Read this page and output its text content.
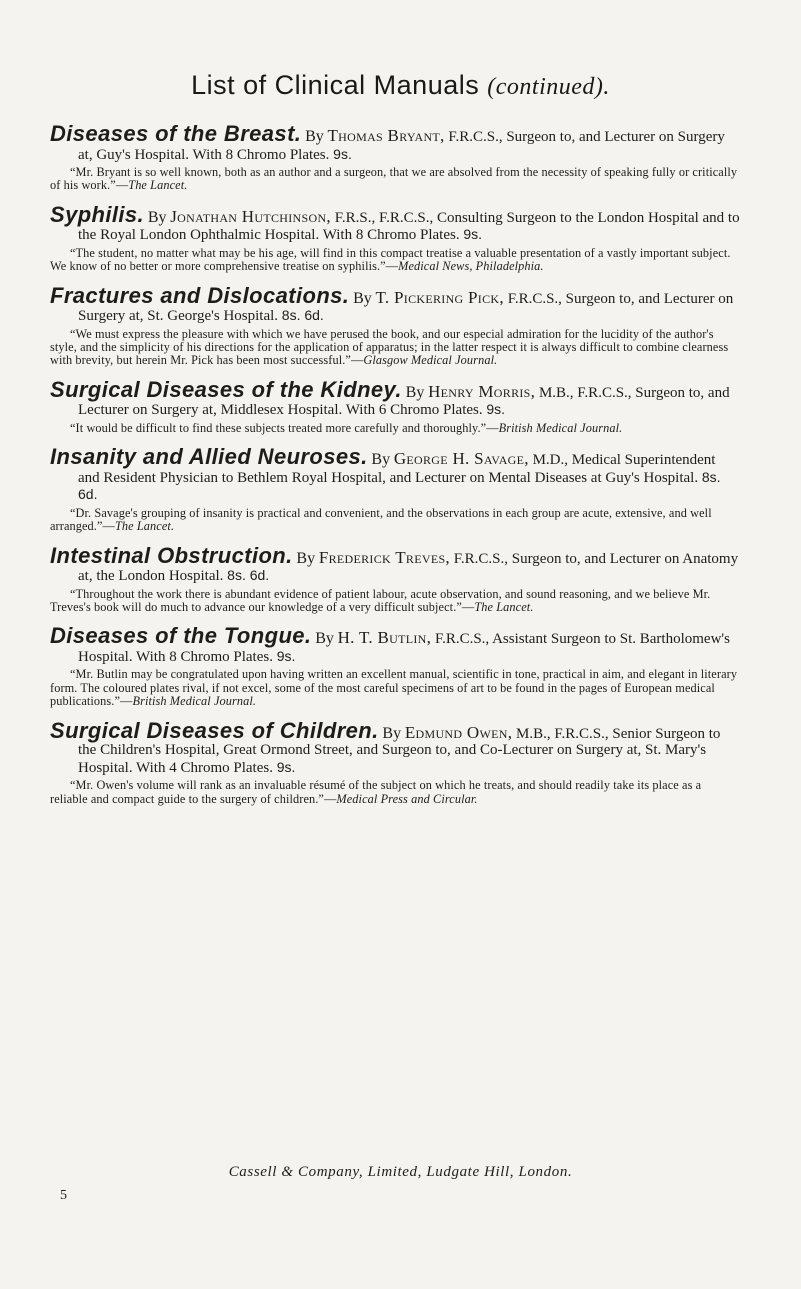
List of Clinical Manuals (continued).

Diseases of the Breast. By Thomas Bryant, F.R.C.S., Surgeon to, and Lecturer on Surgery at, Guy's Hospital. With 8 Chromo Plates. 9s.

“Mr. Bryant is so well known, both as an author and a surgeon, that we are absolved from the necessity of speaking fully or critically of his work.”—The Lancet.

Syphilis. By Jonathan Hutchinson, F.R.S., F.R.C.S., Consulting Surgeon to the London Hospital and to the Royal London Ophthalmic Hospital. With 8 Chromo Plates. 9s.

“The student, no matter what may be his age, will find in this compact treatise a valuable presentation of a vastly important subject. We know of no better or more comprehensive treatise on syphilis.”—Medical News, Philadelphia.

Fractures and Dislocations. By T. Pickering Pick, F.R.C.S., Surgeon to, and Lecturer on Surgery at, St. George's Hospital. 8s. 6d.

“We must express the pleasure with which we have perused the book, and our especial admiration for the lucidity of the author's style, and the simplicity of his directions for the application of apparatus; in the latter respect it is always difficult to combine clearness with brevity, but herein Mr. Pick has been most successful.”—Glasgow Medical Journal.

Surgical Diseases of the Kidney. By Henry Morris, M.B., F.R.C.S., Surgeon to, and Lecturer on Surgery at, Middlesex Hospital. With 6 Chromo Plates. 9s.

“It would be difficult to find these subjects treated more carefully and thoroughly.”—British Medical Journal.

Insanity and Allied Neuroses. By George H. Savage, M.D., Medical Superintendent and Resident Physician to Bethlem Royal Hospital, and Lecturer on Mental Diseases at Guy's Hospital. 8s. 6d.

“Dr. Savage's grouping of insanity is practical and convenient, and the observations in each group are acute, extensive, and well arranged.”—The Lancet.

Intestinal Obstruction. By Frederick Treves, F.R.C.S., Surgeon to, and Lecturer on Anatomy at, the London Hospital. 8s. 6d.

“Throughout the work there is abundant evidence of patient labour, acute observation, and sound reasoning, and we believe Mr. Treves's book will do much to advance our knowledge of a very difficult subject.”—The Lancet.

Diseases of the Tongue. By H. T. Butlin, F.R.C.S., Assistant Surgeon to St. Bartholomew's Hospital. With 8 Chromo Plates. 9s.

“Mr. Butlin may be congratulated upon having written an excellent manual, scientific in tone, practical in aim, and elegant in literary form. The coloured plates rival, if not excel, some of the most careful specimens of art to be found in the pages of European medical publications.”—British Medical Journal.

Surgical Diseases of Children. By Edmund Owen, M.B., F.R.C.S., Senior Surgeon to the Children's Hospital, Great Ormond Street, and Surgeon to, and Co-Lecturer on Surgery at, St. Mary's Hospital. With 4 Chromo Plates. 9s.

“Mr. Owen's volume will rank as an invaluable résumé of the subject on which he treats, and should readily take its place as a reliable and compact guide to the surgery of children.”—Medical Press and Circular.

Cassell & Company, Limited, Ludgate Hill, London.
5
